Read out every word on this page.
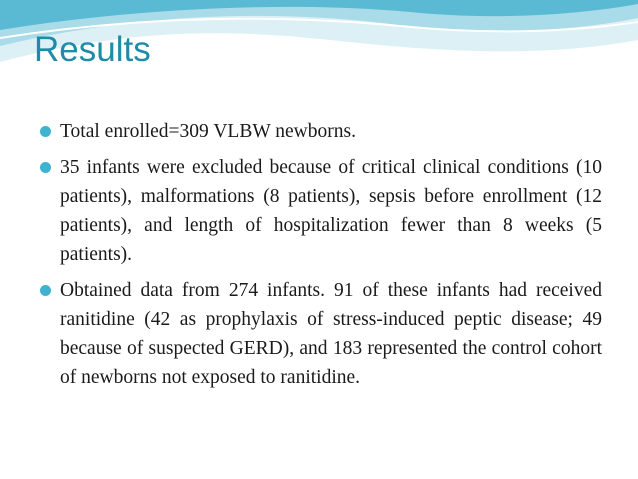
Results
Total enrolled=309 VLBW newborns.
35 infants were excluded because of critical clinical conditions (10 patients), malformations (8 patients), sepsis before enrollment (12 patients), and length of hospitalization fewer than 8 weeks (5 patients).
Obtained data from 274 infants. 91 of these infants had received ranitidine (42 as prophylaxis of stress-induced peptic disease; 49 because of suspected GERD), and 183 represented the control cohort of newborns not exposed to ranitidine.
